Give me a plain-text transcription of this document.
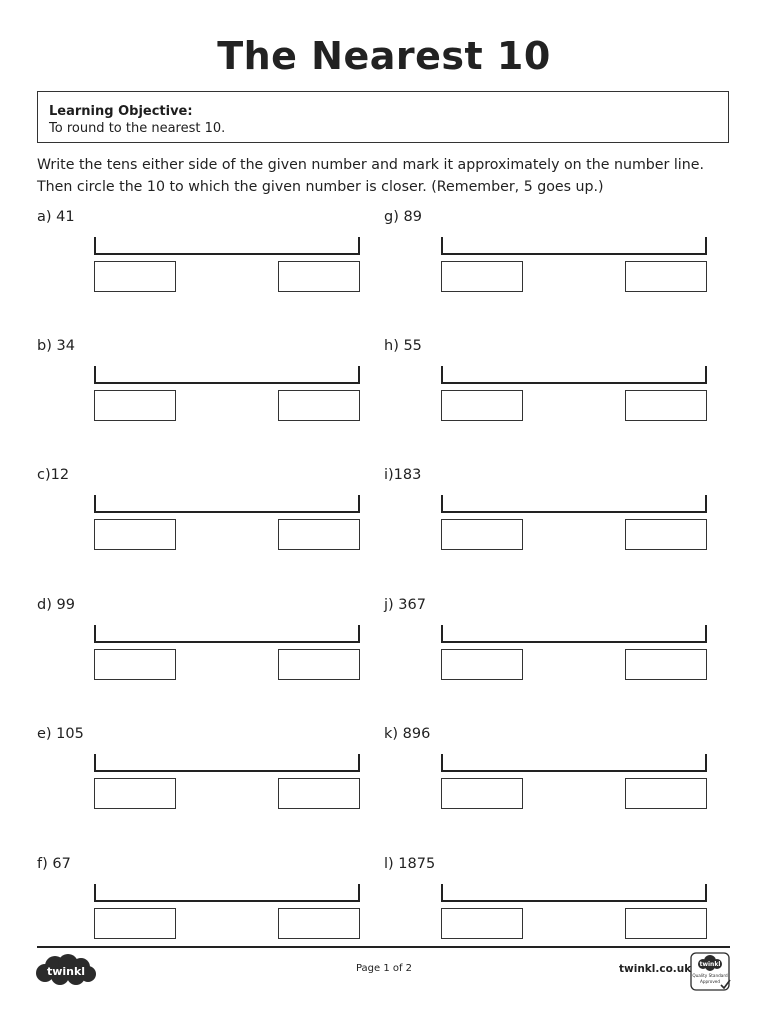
The Nearest 10
Learning Objective:
To round to the nearest 10.
Write the tens either side of the given number and mark it approximately on the number line.
Then circle the 10 to which the given number is closer. (Remember, 5 goes up.)
a) 41
b) 34
c)12
d) 99
e) 105
f) 67
g) 89
h) 55
i)183
j) 367
k) 896
l) 1875
twinkl	Page 1 of 2	twinkl.co.uk twinkl
Quality Standard
Approved
